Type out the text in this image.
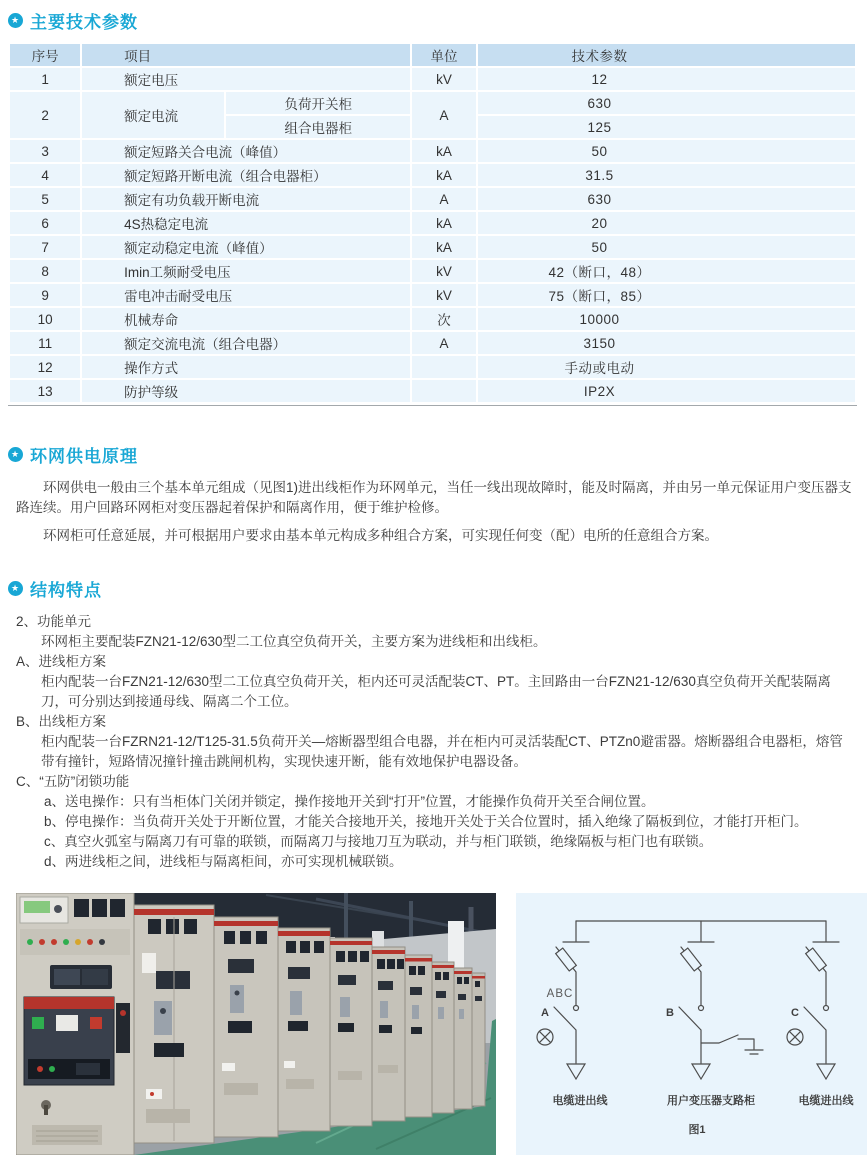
★ 主要技术参数
序号	项目		单位	技术参数
1	额定电压		kV	12
2	额定电流	负荷开关柜	A	630
		组合电器柜		125
3	额定短路关合电流（峰值）		kA	50
4	额定短路开断电流（组合电器柜）		kA	31.5
5	额定有功负载开断电流		A	630
6	4S热稳定电流		kA	20
7	额定动稳定电流（峰值）		kA	50
8	Imin工频耐受电压		kV	42（断口，48）
9	雷电冲击耐受电压		kV	75（断口，85）
10	机械寿命		次	10000
11	额定交流电流（组合电器）		A	3150
12	操作方式			手动或电动
13	防护等级			IP2X
★ 环网供电原理

环网供电一般由三个基本单元组成（见图1)进出线柜作为环网单元，当任一线出现故障时，能及时隔离，并由另一单元保证用户变压器支路连续。用户回路环网柜对变压器起着保护和隔离作用，便于维护检修。

环网柜可任意延展，并可根据用户要求由基本单元构成多种组合方案，可实现任何变（配）电所的任意组合方案。

★ 结构特点
2、功能单元
环网柜主要配装FZN21-12/630型二工位真空负荷开关，主要方案为进线柜和出线柜。
A、进线柜方案
柜内配装一台FZN21-12/630型二工位真空负荷开关，柜内还可灵活配装CT、PT。主回路由一台FZN21-12/630真空负荷开关配装隔离刀，可分别达到接通母线、隔离二个工位。
B、出线柜方案
柜内配装一台FZRN21-12/T125-31.5负荷开关—熔断器型组合电器，并在柜内可灵活装配CT、PTZn0避雷器。熔断器组合电器柜，熔管带有撞针，短路情况撞针撞击跳闸机构，实现快速开断，能有效地保护电器设备。
C、“五防”闭锁功能
a、送电操作：只有当柜体门关闭并锁定，操作接地开关到“打开”位置，才能操作负荷开关至合闸位置。
b、停电操作：当负荷开关处于开断位置，才能关合接地开关，接地开关处于关合位置时，插入绝缘了隔板到位，才能打开柜门。
c、真空火弧室与隔离刀有可靠的联锁，而隔离刀与接地刀互为联动，并与柜门联锁，绝缘隔板与柜门也有联锁。
d、两进线柜之间，进线柜与隔离柜间，亦可实现机械联锁。
ABC
A	B	C
电缆进出线	用户变压器支路柜	电缆进出线
图1
